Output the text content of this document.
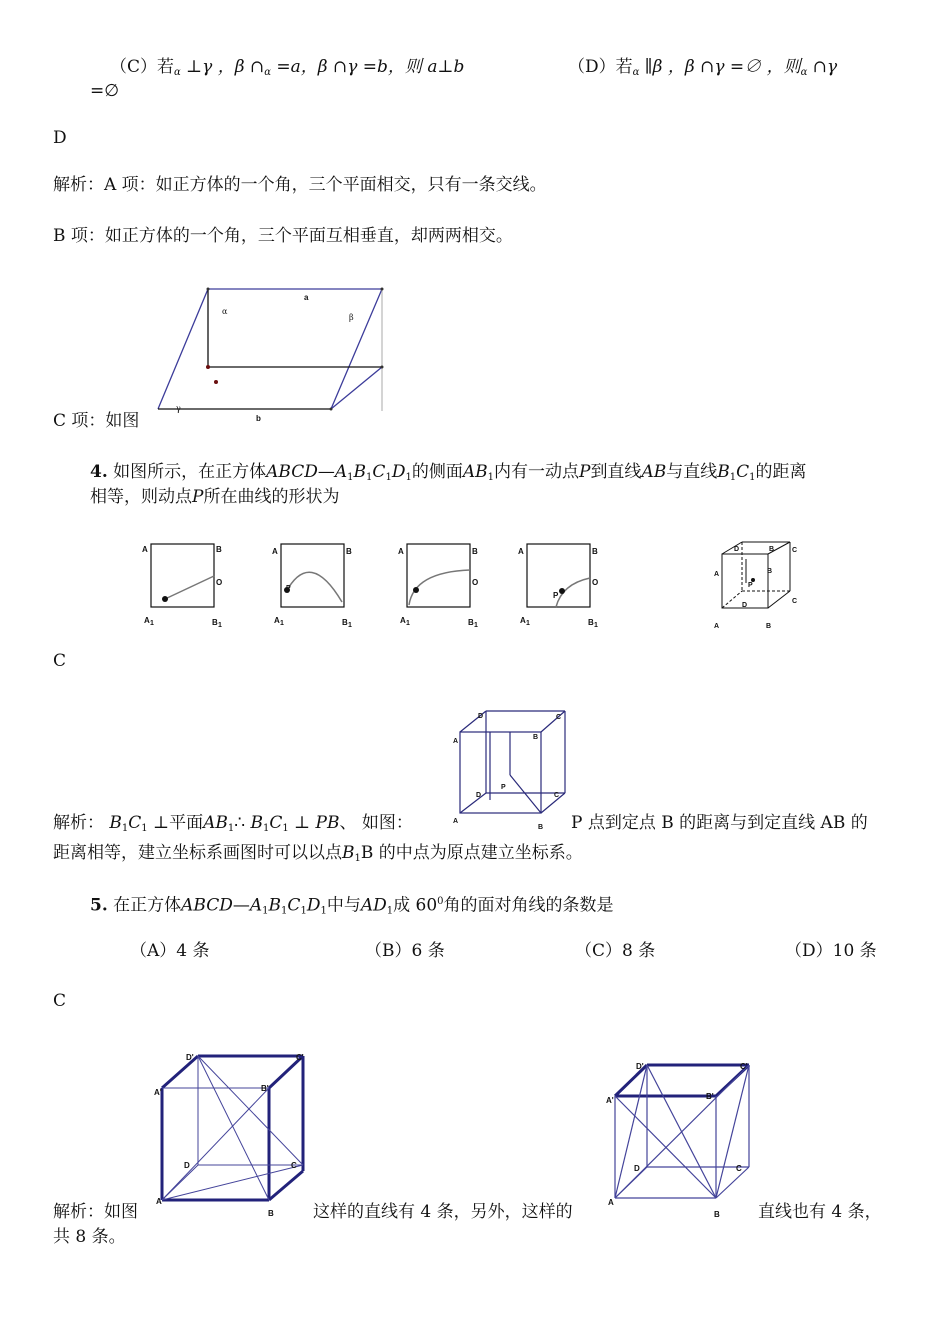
（C）若$_\alpha$ ⊥γ ，β $\cap_\alpha =a$，β ∩γ =b，则 a⊥b	（D）若$_\alpha$ ∥β ，β ∩γ =∅ ，则$_\alpha$ ∩γ
=∅
D
解析：A 项：如正方体的一个角，三个平面相交，只有一条交线。
B 项：如正方体的一个角，三个平面互相垂直，却两两相交。
a
α
β
γ
b
C 项：如图
4. 如图所示，在正方体$ABCD—A_1B_1C_1D_1$的侧面$AB_1$内有一动点P到直线AB与直线$B_1C_1$的距离
相等，则动点P所在曲线的形状为
A	B
O
A 1	B 1
A	B
P
A 1	B 1
A	B
O
A 1	B 1
A	B
O
P
A 1	B 1
D	C
A
B
B
P
D
C
A	B
C
D	C
A
B
P
D	C
A
B
解析： $B_1C_1$ ⊥平面$AB_1\therefore$ $B_1C_1$ ⊥ PB、 如图：	P 点到定点 B 的距离与到定直线 AB 的
距离相等，建立坐标系画图时可以以点$B_1B$ 的中点为原点建立坐标系。
5. 在正方体$ABCD—A_1B_1C_1D_1$中与$AD_1$成 $60^0$角的面对角线的条数是
（A）4 条	（B）6 条	（C）8 条	（D）10 条
C
D'	C'
A'	B'
D	C
A
B
D'	C'
A'	B'
D	C
A
B
解析：如图	这样的直线有 4 条，另外，这样的	直线也有 4 条，
共 8 条。
